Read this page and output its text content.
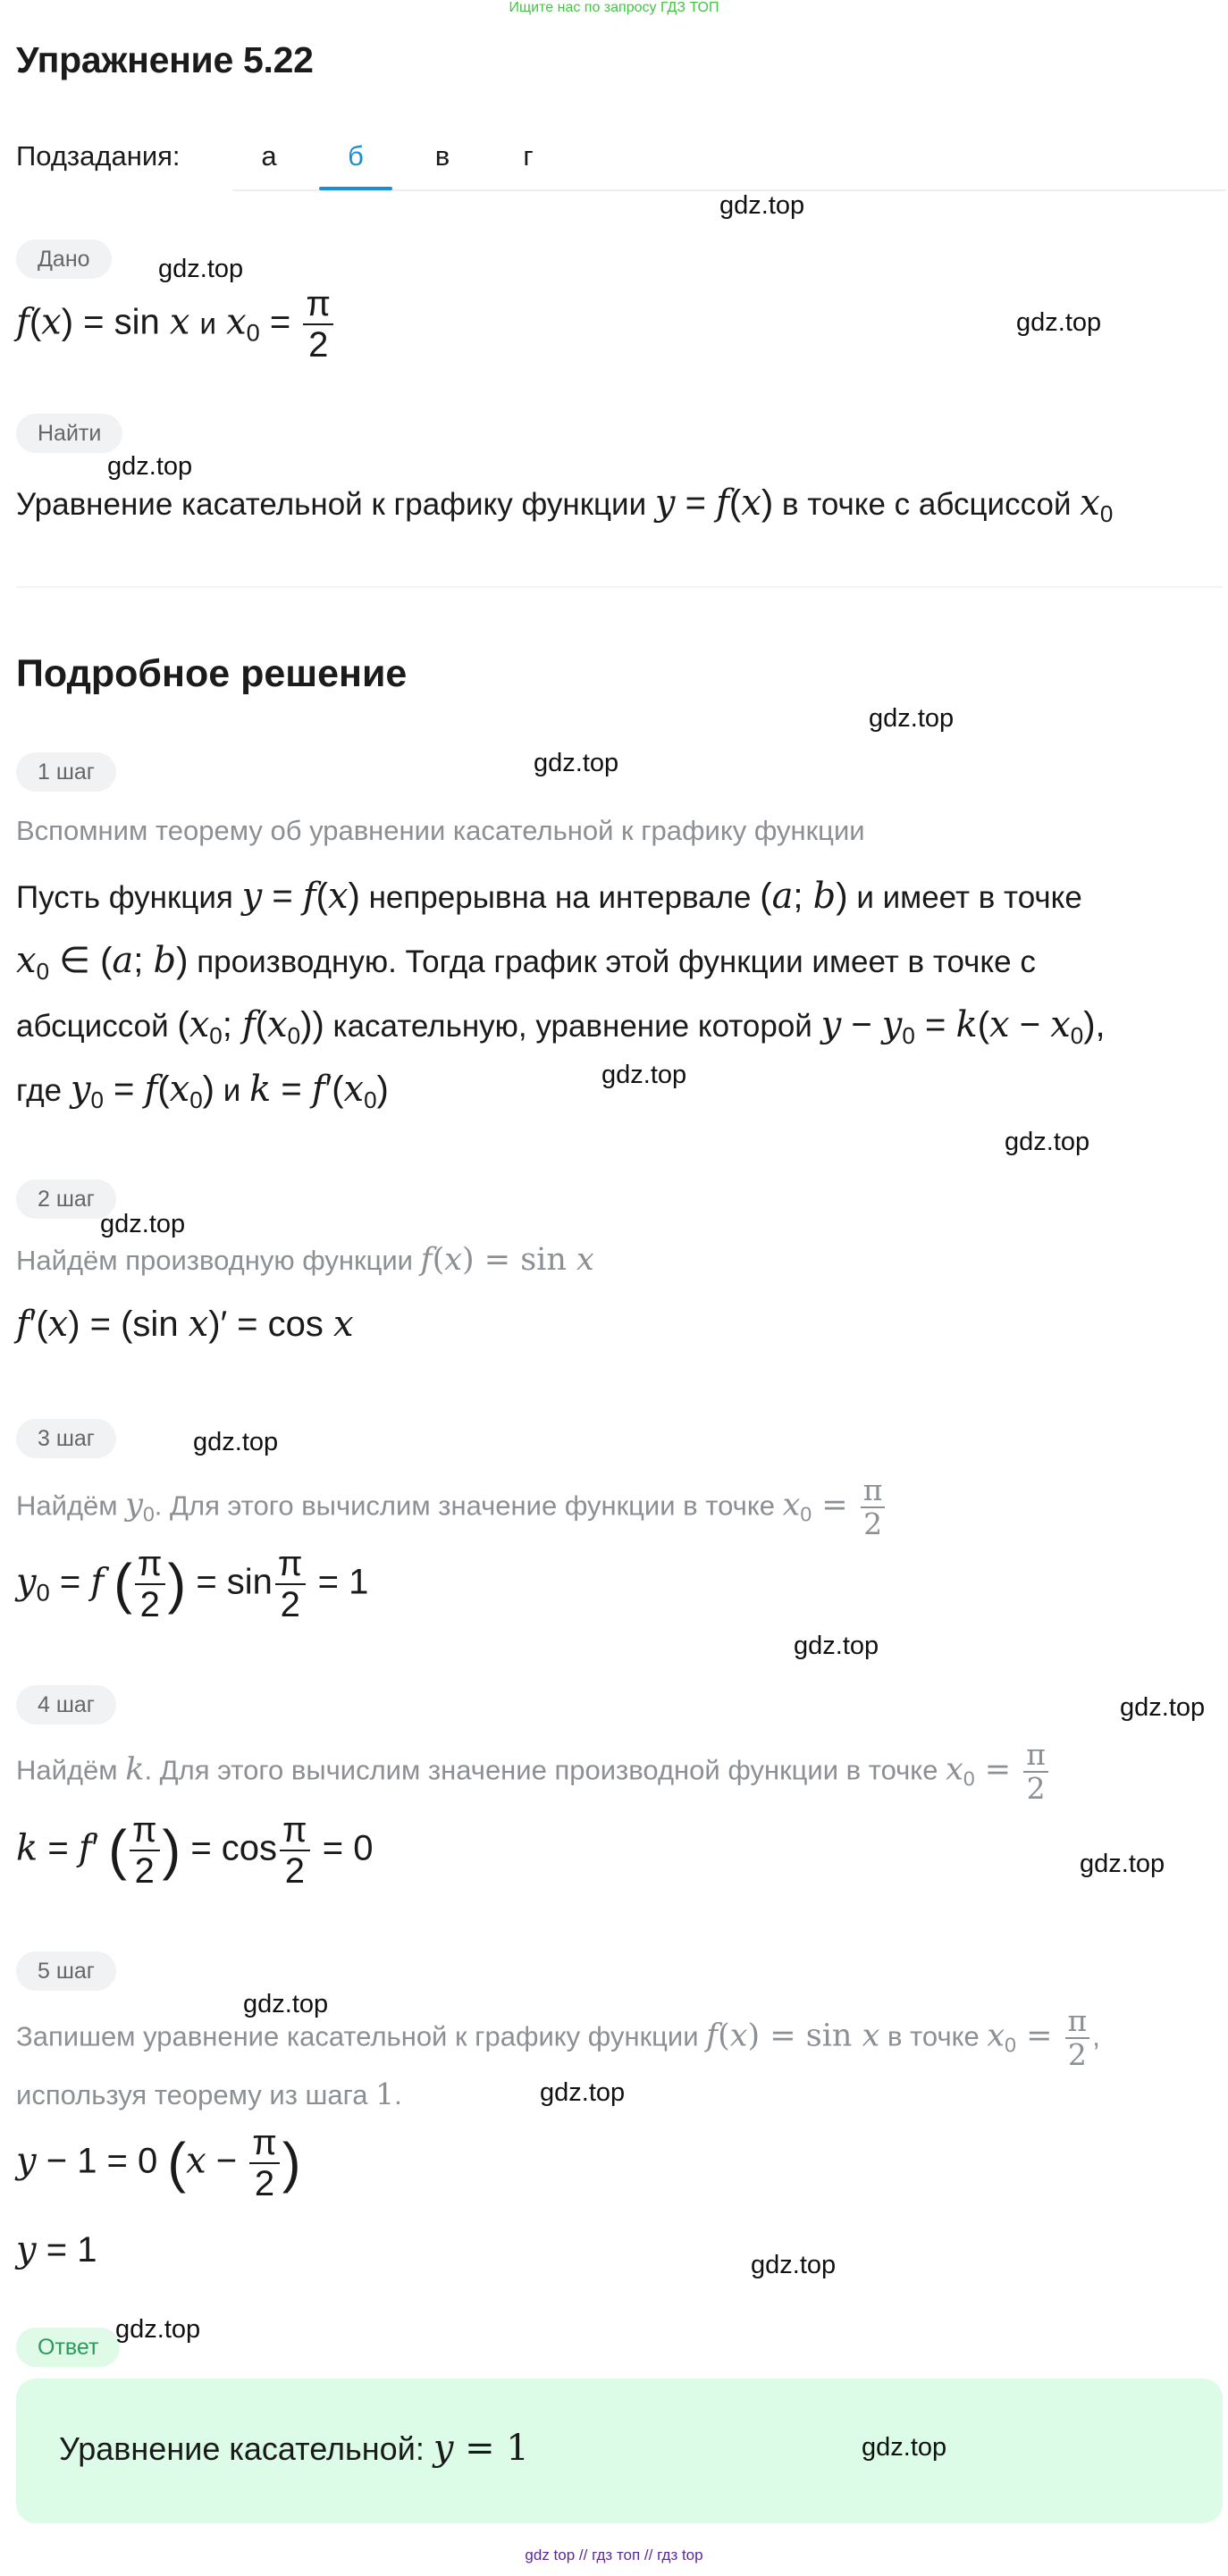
Ищите нас по запросу ГДЗ ТОП
Упражнение 5.22
Подзадания:	а	б	в	г
Дано
f(x) = sin x и $x_0 = \frac{\pi}{2}$
Найти
Уравнение касательной к графику функции y = f(x) в точке с абсциссой $x_0$
Подробное решение
1 шаг
Вспомним теорему об уравнении касательной к графику функции
Пусть функция y = f(x) непрерывна на интервале (a; b) и имеет в точке
$x_0$ ∈ (a; b) производную. Тогда график этой функции имеет в точке с
абсциссой ($x_0$; $f(x_0)$) касательную, уравнение которой $y - y_0 = k(x - x_0)$,
где $y_0 = f(x_0)$ и $k = f'(x_0)$
2 шаг
Найдём производную функции f(x) = sin x
f′(x) = (sin x)′ = cos x
3 шаг
Найдём $y_0$. Для этого вычислим значение функции в точке $x_0 = \frac{\pi}{2}$
$y_0 = f$ ( $\frac{\pi}{2}$ ) = $\sin \frac{\pi}{2} = 1$
4 шаг
Найдём k. Для этого вычислим значение производной функции в точке $x_0 = \frac{\pi}{2}$
k = f′ ( $\frac{\pi}{2}$ ) = $\cos \frac{\pi}{2} = 0$
5 шаг
Запишем уравнение касательной к графику функции f(x) = sin x в точке $x_0 = \frac{\pi}{2}$ ,
используя теорему из шага 1.
y − 1 = 0 ($x - \frac{\pi}{2}$ )
y = 1
Ответ
Уравнение касательной: y = 1
gdz.top
gdz.top
gdz.top
gdz.top
gdz.top
gdz.top
gdz.top
gdz.top
gdz.top
gdz.top
gdz.top
gdz.top
gdz.top
gdz.top
gdz.top
gdz.top
gdz.top
gdz.top
gdz top // гдз топ // гдз top
